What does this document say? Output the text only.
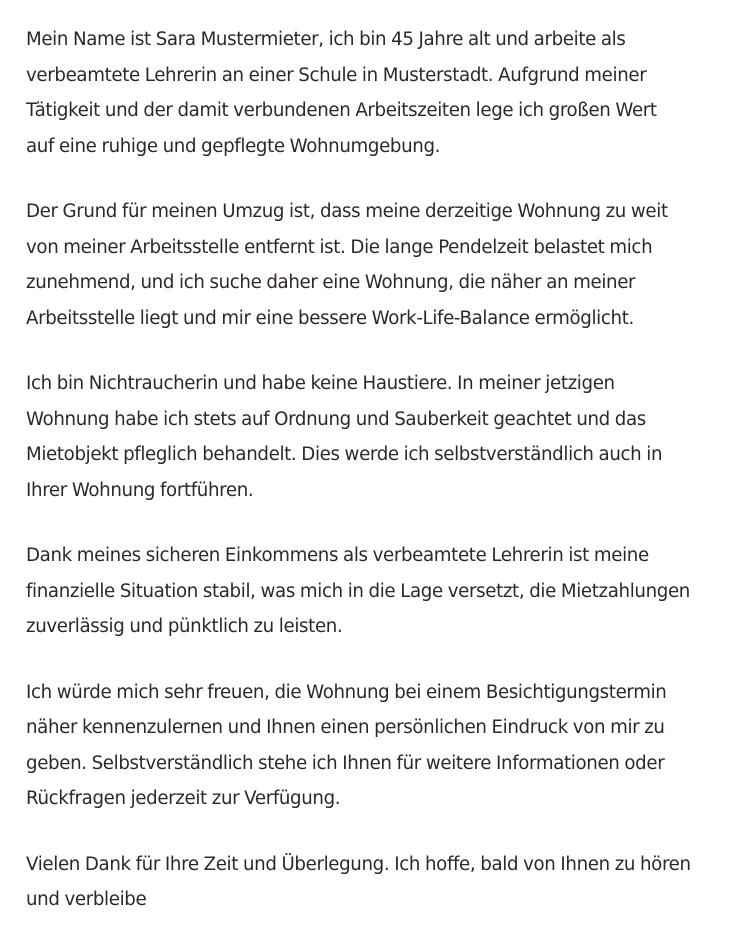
Mein Name ist Sara Mustermieter, ich bin 45 Jahre alt und arbeite als
verbeamtete Lehrerin an einer Schule in Musterstadt. Aufgrund meiner
Tätigkeit und der damit verbundenen Arbeitszeiten lege ich großen Wert
auf eine ruhige und gepflegte Wohnumgebung.

Der Grund für meinen Umzug ist, dass meine derzeitige Wohnung zu weit
von meiner Arbeitsstelle entfernt ist. Die lange Pendelzeit belastet mich
zunehmend, und ich suche daher eine Wohnung, die näher an meiner
Arbeitsstelle liegt und mir eine bessere Work-Life-Balance ermöglicht.

Ich bin Nichtraucherin und habe keine Haustiere. In meiner jetzigen
Wohnung habe ich stets auf Ordnung und Sauberkeit geachtet und das
Mietobjekt pfleglich behandelt. Dies werde ich selbstverständlich auch in
Ihrer Wohnung fortführen.

Dank meines sicheren Einkommens als verbeamtete Lehrerin ist meine
finanzielle Situation stabil, was mich in die Lage versetzt, die Mietzahlungen
zuverlässig und pünktlich zu leisten.

Ich würde mich sehr freuen, die Wohnung bei einem Besichtigungstermin
näher kennenzulernen und Ihnen einen persönlichen Eindruck von mir zu
geben. Selbstverständlich stehe ich Ihnen für weitere Informationen oder
Rückfragen jederzeit zur Verfügung.

Vielen Dank für Ihre Zeit und Überlegung. Ich hoffe, bald von Ihnen zu hören
und verbleibe
